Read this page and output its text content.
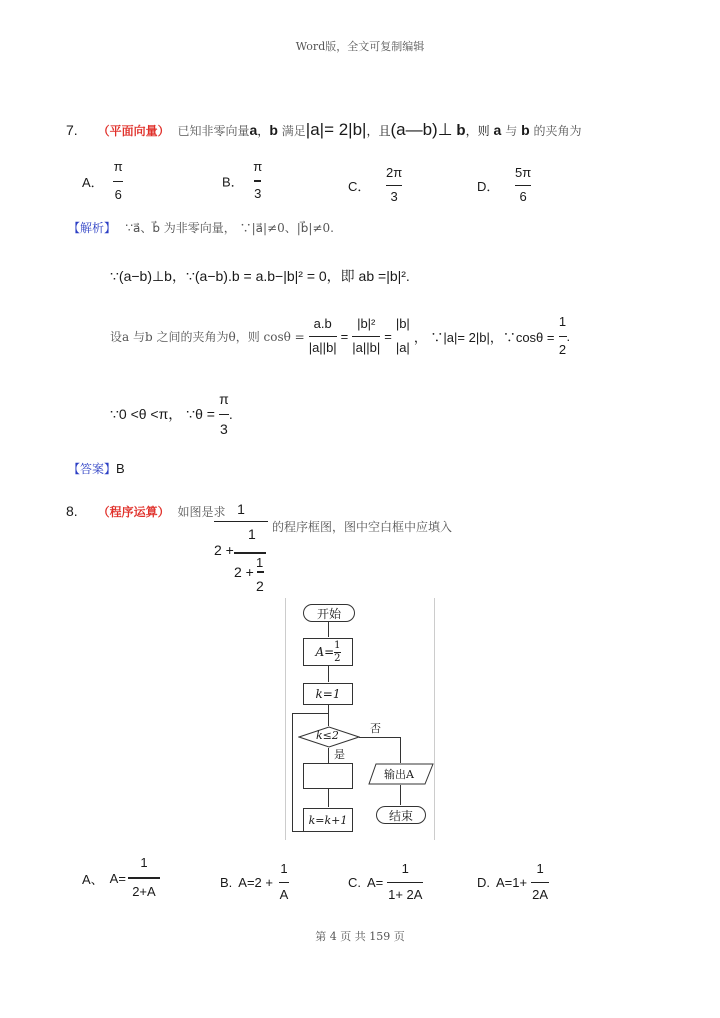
Word版，全文可复制编辑
7. （平面向量） 已知非零向量a，b 满足|a|= 2|b|，且(a—b)⊥ b，则 a 与 b 的夹角为
A． $\frac{\pi}{6}$	B． $\frac{\pi}{3}$	C． $\frac{2\pi}{3}$	D． $\frac{5\pi}{6}$
【解析】 ∵a⃗、b⃗ 为非零向量， ∵|a⃗|≠0、|b⃗|≠0.
∵(a−b)⊥b，∵(a−b).b = a.b−|b|² = 0，即 ab =|b|².
设a 与b 之间的夹角为θ，则 $\cos\theta = \frac{a.b}{|a||b|} = \frac{\text{|b|²}}{|a||b|}$ =
|b|
|a|
， ∵|a|= 2|b|，∵cosθ = $\frac{1}{2}$ .
∵0 <θ <π， ∵θ = $\frac{\pi}{3}$ .
【答案】B
8. （程序运算） 如图是求 1
1
2 +
1
2 +
2
的程序框图，图中空白框中应填入
开始
$A= \frac{1}{2}$
k=1
k≤2
否
是
k=k+1
输出A
结束
A、 $A= \frac{1}{2+A}$	B. $A=2 + \frac{1}{A}$	C. $A= \frac{1}{1+ 2A}$	D. $A=1+ \frac{1}{2A}$
第 4 页 共 159 页
